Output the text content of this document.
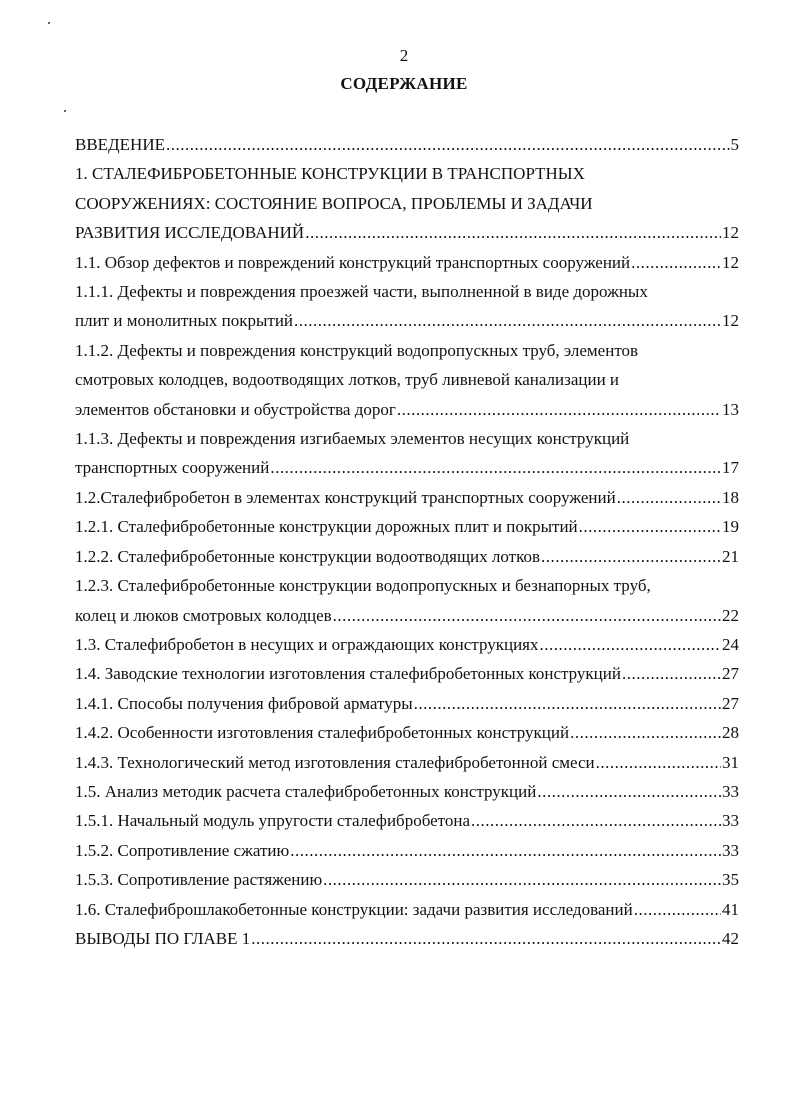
2
СОДЕРЖАНИЕ
ВВЕДЕНИЕ .....	5
1. СТАЛЕФИБРОБЕТОННЫЕ КОНСТРУКЦИИ В ТРАНСПОРТНЫХ
СООРУЖЕНИЯХ: СОСТОЯНИЕ ВОПРОСА, ПРОБЛЕМЫ И ЗАДАЧИ
РАЗВИТИЯ ИССЛЕДОВАНИЙ .....	12
1.1. Обзор дефектов и повреждений конструкций транспортных сооружений .....	12
1.1.1. Дефекты и повреждения проезжей части, выполненной в виде дорожных
плит и монолитных покрытий .....	12
1.1.2. Дефекты и повреждения конструкций водопропускных труб, элементов
смотровых колодцев, водоотводящих лотков, труб ливневой канализации и
элементов обстановки и обустройства дорог .....	13
1.1.3. Дефекты и повреждения изгибаемых элементов несущих конструкций
транспортных сооружений .....	17
1.2.Сталефибробетон в элементах конструкций транспортных сооружений .....	18
1.2.1. Сталефибробетонные конструкции дорожных плит и покрытий .....	19
1.2.2. Сталефибробетонные конструкции водоотводящих лотков .....	21
1.2.3. Сталефибробетонные конструкции водопропускных и безнапорных труб,
колец и люков смотровых колодцев .....	22
1.3. Сталефибробетон в несущих и ограждающих конструкциях .....	24
1.4. Заводские технологии изготовления сталефибробетонных конструкций .....	27
1.4.1. Способы получения фибровой арматуры .....	27
1.4.2. Особенности изготовления сталефибробетонных конструкций .....	28
1.4.3. Технологический метод изготовления сталефибробетонной смеси .....	31
1.5. Анализ методик расчета сталефибробетонных конструкций .....	33
1.5.1. Начальный модуль упругости сталефибробетона .....	33
1.5.2. Сопротивление сжатию .....	33
1.5.3. Сопротивление растяжению .....	35
1.6. Сталефиброшлакобетонные конструкции: задачи развития исследований .....	41
ВЫВОДЫ ПО ГЛАВЕ 1 .....	42
